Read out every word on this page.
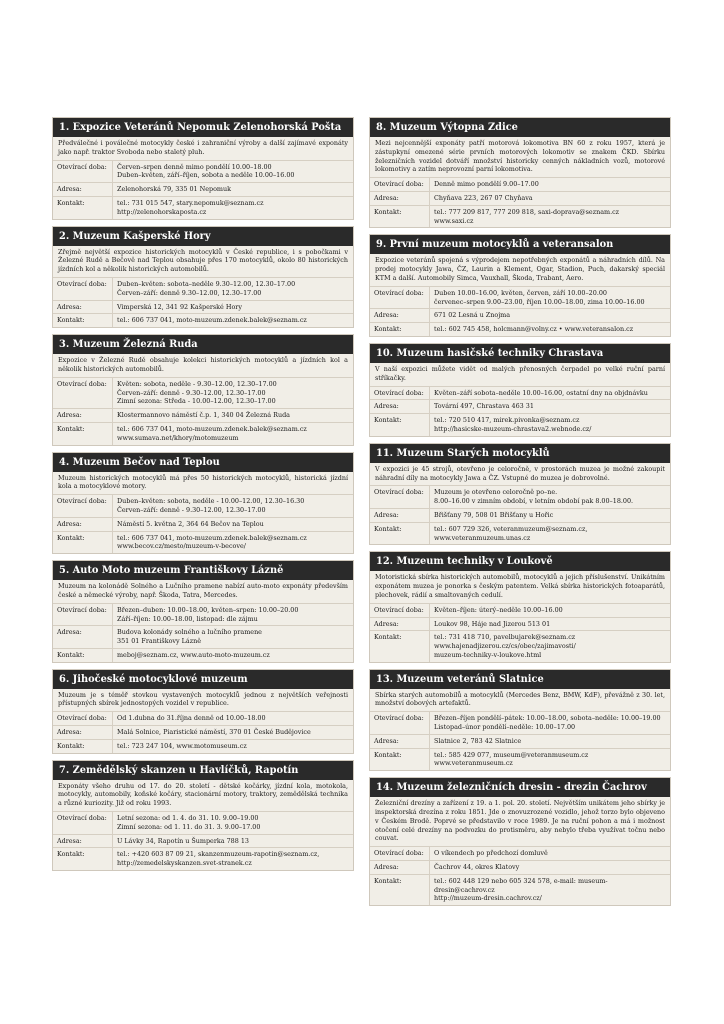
1. Expozice Veteránů Nepomuk Zelenohorská Pošta
Předválečné i poválečné motocykly české i zahraniční výroby a další zajímavé exponáty jako např. traktor Svoboda nebo staletý pluh.
Otevírací doba:	Červen–srpen denně mimo pondělí 10.00–18.00
Duben–květen, září–říjen, sobota a neděle 10.00–16.00
Adresa:	Zelenohorská 79, 335 01 Nepomuk
Kontakt:	tel.: 731 015 547, stary.nepomuk@seznam.cz
http://zelenohorskaposta.cz
2. Muzeum Kašperské Hory
Zřejmě největší expozice historických motocyklů v České republice, i s pobočkami v Železné Rudě a Bečově nad Teplou obsahuje přes 170 motocyklů, okolo 80 historických jízdních kol a několik historických automobilů.
Otevírací doba:	Duben–květen: sobota–neděle 9.30–12.00, 12.30–17.00
Červen–září: denně 9.30–12.00, 12.30–17.00
Adresa:	Vimperská 12, 341 92 Kašperské Hory
Kontakt:	tel.: 606 737 041, moto-muzeum.zdenek.balek@seznam.cz
3. Muzeum Železná Ruda
Expozice v Železné Rudě obsahuje kolekci historických motocyklů a jízdních kol a několik historických automobilů.
Otevírací doba:	Květen: sobota, neděle - 9.30–12.00, 12.30–17.00
Červen–září: denně - 9.30–12.00, 12.30–17.00
Zimní sezona: Středa - 10.00–12.00, 12.30–17.00
Adresa:	Klostermannovo náměstí č.p. 1, 340 04 Železná Ruda
Kontakt:	tel.: 606 737 041, moto-muzeum.zdenek.balek@seznam.cz
www.sumava.net/khory/motomuzeum
4. Muzeum Bečov nad Teplou
Muzeum historických motocyklů má přes 50 historických motocyklů, historická jízdní kola a motocyklové motory.
Otevírací doba:	Duben–květen: sobota, neděle - 10.00–12.00, 12.30–16.30
Červen–září: denně - 9.30–12.00, 12.30–17.00
Adresa:	Náměstí 5. května 2, 364 64 Bečov na Teplou
Kontakt:	tel.: 606 737 041, moto-muzeum.zdenek.balek@seznam.cz
www.becov.cz/mesto/muzeum-v-becove/
5. Auto Moto muzeum Františkovy Lázně
Muzeum na kolonádě Solného a Lučního pramene nabízí auto-moto exponáty především české a německé výroby, např. Škoda, Tatra, Mercedes.
Otevírací doba:	Březen–duben: 10.00–18.00, květen–srpen: 10.00–20.00
Září–říjen: 10.00–18.00, listopad: dle zájmu
Adresa:	Budova kolonády solného a lučního pramene
351 01 Františkovy Lázně
Kontakt:	meboj@seznam.cz, www.auto-moto-muzeum.cz
6. Jihočeské motocyklové muzeum
Muzeum je s téměř stovkou vystavených motocyklů jednou z největších veřejnosti přístupných sbírek jednostopých vozidel v republice.
Otevírací doba:	Od 1.dubna do 31.října denně od 10.00–18.00
Adresa:	Malá Solnice, Piaristické náměstí, 370 01 České Budějovice
Kontakt:	tel.: 723 247 104, www.motomuseum.cz
7. Zemědělský skanzen u Havlíčků, Rapotín
Exponáty všeho druhu od 17. do 20. století - dětské kočárky, jízdní kola, motokola, motocykly, automobily, koňské kočáry, stacionární motory, traktory, zemědělská technika a různé kuriozity. Již od roku 1993.
Otevírací doba:	Letní sezona: od 1. 4. do 31. 10. 9.00–19.00
Zimní sezona: od 1. 11. do 31. 3. 9.00–17.00
Adresa:	U Lávky 34, Rapotín u Šumperka 788 13
Kontakt:	tel.: +420 603 87 09 21, skanzenmuzeum-rapotin@seznam.cz,
http://zemedelskyskanzen.svet-stranek.cz
8. Muzeum Výtopna Zdice
Mezi nejcennější exponáty patří motorová lokomotiva BN 60 z roku 1957, která je zástupkyní omezené série prvních motorových lokomotiv se znakem ČKD. Sbírku železničních vozidel dotváří množství historicky cenných nákladních vozů, motorové lokomotivy a zatím neprovozní parní lokomotiva.
Otevírací doba:	Denně mimo pondělí 9.00–17.00
Adresa:	Chyňava 223, 267 07 Chyňava
Kontakt:	tel.: 777 209 817, 777 209 818, saxi-doprava@seznam.cz
www.saxi.cz
9. První muzeum motocyklů a veteransalon
Expozice veteránů spojená s výprodejem nepotřebných exponátů a náhradních dílů. Na prodej motocykly Jawa, ČZ, Laurin a Klement, Ogar, Stadion, Puch, dakarský speciál KTM a další. Automobily Simca, Vauxhall, Škoda, Trabant, Aero.
Otevírací doba:	Duben 10.00–16.00, květen, červen, září 10.00–20.00
červenec–srpen 9.00–23.00, říjen 10.00–18.00, zima 10.00–16.00
Adresa:	671 02 Lesná u Znojma
Kontakt:	tel.: 602 745 458, holcmann@volny.cz • www.veteransalon.cz
10. Muzeum hasičské techniky Chrastava
V naší expozici můžete vidět od malých přenosných čerpadel po velké ruční parní stříkačky.
Otevírací doba:	Květen–září sobota–neděle 10.00–16.00, ostatní dny na objdnávku
Adresa:	Tovární 497, Chrastava 463 31
Kontakt:	tel.: 720 510 417, mirek.pivonka@seznam.cz
http://hasicske-muzeum-chrastava2.webnode.cz/
11. Muzeum Starých motocyklů
V expozici je 45 strojů, otevřeno je celoročně, v prostorách muzea je možné zakoupit náhradní díly na motocykly Jawa a ČZ. Vstupné do muzea je dobrovolné.
Otevírací doba:	Muzeum je otevřeno celoročně po–ne.
8.00–16.00 v zimním období, v letním období pak 8.00–18.00.
Adresa:	Břišťany 79, 508 01 Břišťany u Hořic
Kontakt:	tel.: 607 729 326, veteranmuzeum@seznam.cz,
www.veteranmuzeum.unas.cz
12. Muzeum techniky v Loukově
Motoristická sbírka historických automobilů, motocyklů a jejich příslušenství. Unikátním exponátem muzea je ponorka s českým patentem. Velká sbírka historických fotoaparátů, plechovek, rádií a smaltovaných cedulí.
Otevírací doba:	Květen–říjen: úterý–neděle 10.00–16.00
Adresa:	Loukov 98, Háje nad Jizerou 513 01
Kontakt:	tel.: 731 418 710, pavelbujarek@seznam.cz
www.hajenadjizerou.cz/cs/obec/zajimavosti/
muzeum-techniky-v-loukove.html
13. Muzeum veteránů Slatnice
Sbírka starých automobilů a motocyklů (Mercedes Benz, BMW, KdF), převážně z 30. let, množství dobových artefaktů.
Otevírací doba:	Březen–říjen pondělí–pátek: 10.00–18.00, sobota–neděle: 10.00–19.00
Listopad–únor pondělí–neděle: 10.00–17.00
Adresa:	Slatnice 2, 783 42 Slatnice
Kontakt:	tel.: 585 429 077, museum@veteranmuseum.cz
www.veteranmuseum.cz
14. Muzeum železničních dresin - drezin Čachrov
Železniční drezíny a zařízení z 19. a 1. pol. 20. století. Největším unikátem jeho sbírky je inspektorská drezína z roku 1851. Jde o znovuzrozené vozidlo, jehož torzo bylo objeveno v Českém Brodě. Poprvé se představilo v roce 1989. Je na ruční pohon a má i možnost otočení celé drezíny na podvozku do protisměru, aby nebylo třeba využívat točnu nebo couvat.
Otevírací doba:	O víkendech po předchozí domluvě
Adresa:	Čachrov 44, okres Klatovy
Kontakt:	tel.: 602 448 129 nebo 605 324 578, e-mail: museum-dresin@cachrov.cz
http://muzeum-dresin.cachrov.cz/
